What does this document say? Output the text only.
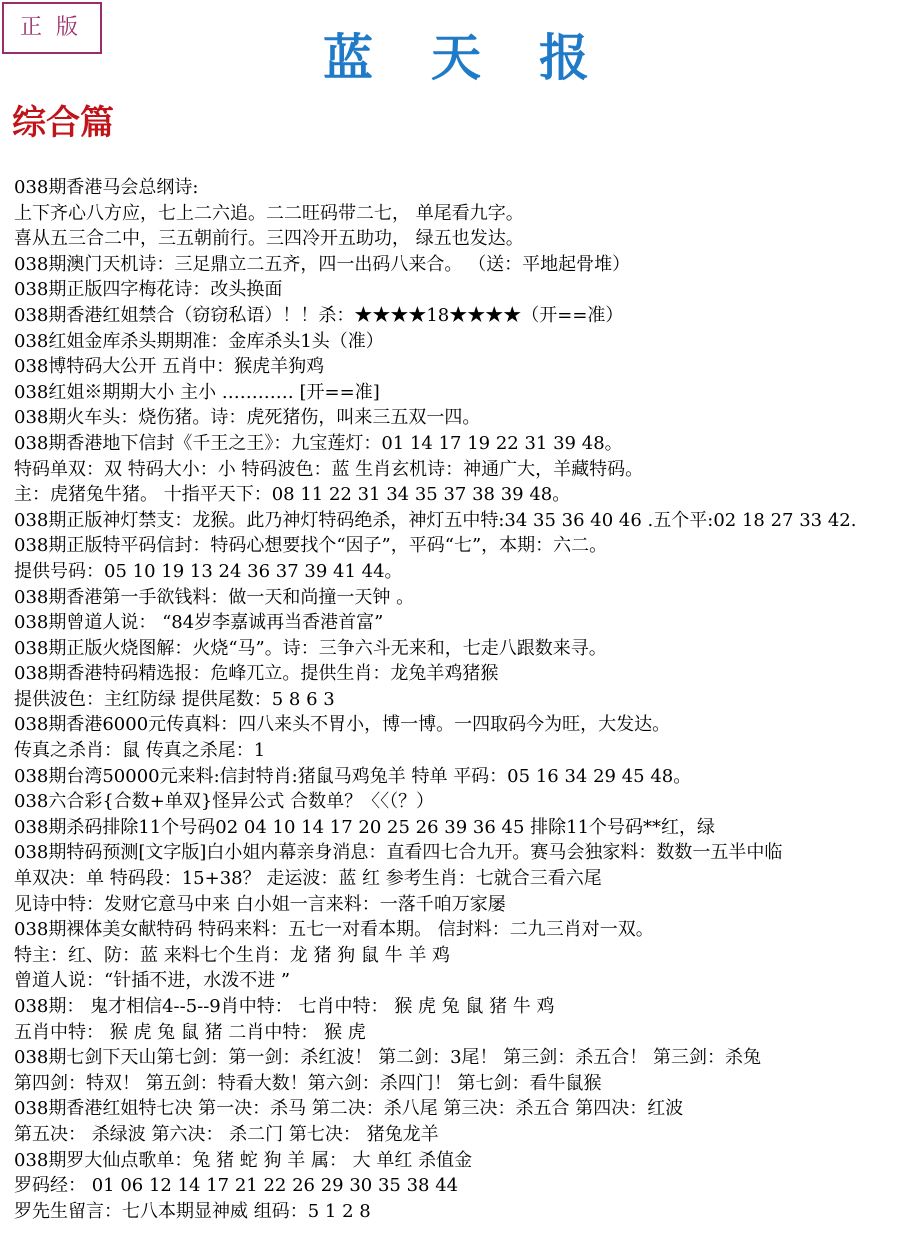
正版
蓝天报
综合篇
038期香港马会总纲诗:
上下齐心八方应，七上二六追。二二旺码带二七， 单尾看九字。
喜从五三合二中，三五朝前行。三四冷开五助功， 绿五也发达。
038期澳门天机诗：三足鼎立二五齐，四一出码八来合。 （送：平地起骨堆）
038期正版四字梅花诗：改头换面
038期香港红姐禁合（窃窃私语）！！杀：★★★★18★★★★（开==准）
038红姐金库杀头期期准：金库杀头1头（准）
038博特码大公开 五肖中：猴虎羊狗鸡
038红姐※期期大小 主小 ………… [开==准]
038期火车头：烧伤猪。诗：虎死猪伤，叫来三五双一四。
038期香港地下信封《千王之王》：九宝莲灯：01 14 17 19 22 31 39 48。
特码单双：双 特码大小：小 特码波色：蓝 生肖玄机诗：神通广大，羊藏特码。
主：虎猪兔牛猪。 十指平天下：08 11 22 31 34 35 37 38 39 48。
038期正版神灯禁支：龙猴。此乃神灯特码绝杀，神灯五中特:34 35 36 40 46 .五个平:02 18 27 33 42.
038期正版特平码信封：特码心想要找个“因子”，平码“七”，本期：六二。
提供号码：05 10 19 13 24 36 37 39 41 44。
038期香港第一手欲钱料：做一天和尚撞一天钟 。
038期曾道人说： “84岁李嘉诚再当香港首富”
038期正版火烧图解：火烧“马”。诗：三争六斗无来和，七走八跟数来寻。
038期香港特码精选报：危峰兀立。提供生肖：龙兔羊鸡猪猴
提供波色：主红防绿 提供尾数：5 8 6 3
038期香港6000元传真料：四八来头不胃小，博一博。一四取码今为旺，大发达。
传真之杀肖：鼠 传真之杀尾：1
038期台湾50000元来料:信封特肖:猪鼠马鸡兔羊 特单 平码：05 16 34 29 45 48。
038六合彩{合数+单双}怪异公式 合数单？〈〈（？）
038期杀码排除11个号码02 04 10 14 17 20 25 26 39 36 45 排除11个号码**红，绿
038期特码预测[文字版]白小姐内幕亲身消息：直看四七合九开。赛马会独家料：数数一五半中临
单双决：单 特码段：15+38？ 走运波：蓝 红 参考生肖：七就合三看六尾
见诗中特：发财它意马中来 白小姐一言来料：一落千咱万家屡
038期裸体美女献特码 特码来料：五七一对看本期。 信封料：二九三肖对一双。
特主：红、防：蓝 来料七个生肖：龙 猪 狗 鼠 牛 羊 鸡
曾道人说：“针插不进，水泼不进 ”
038期： 鬼才相信4--5--9肖中特： 七肖中特： 猴 虎 兔 鼠 猪 牛 鸡
五肖中特： 猴 虎 兔 鼠 猪 二肖中特： 猴 虎
038期七剑下天山第七剑：第一剑：杀红波！ 第二剑：3尾！ 第三剑：杀五合！ 第三剑：杀兔
第四剑：特双！ 第五剑：特看大数！第六剑：杀四门！ 第七剑：看牛鼠猴
038期香港红姐特七决 第一决：杀马 第二决：杀八尾 第三决：杀五合 第四决：红波
第五决： 杀绿波 第六决： 杀二门 第七决： 猪兔龙羊
038期罗大仙点歌单：兔 猪 蛇 狗 羊 属： 大 单红 杀值金
罗码经： 01 06 12 14 17 21 22 26 29 30 35 38 44
罗先生留言：七八本期显神威 组码：5 1 2 8
